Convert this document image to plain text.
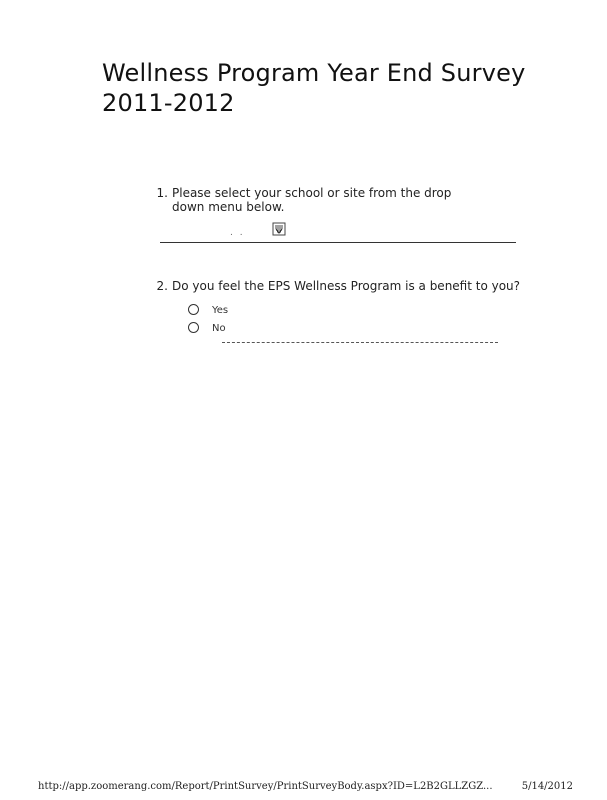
Wellness Program Year End Survey 2011-2012
1. Please select your school or site from the drop down menu below.
. .
2. Do you feel the EPS Wellness Program is a benefit to you?
Yes
No
http://app.zoomerang.com/Report/PrintSurvey/PrintSurveyBody.aspx?ID=L2B2GLLZGZ...	5/14/2012
